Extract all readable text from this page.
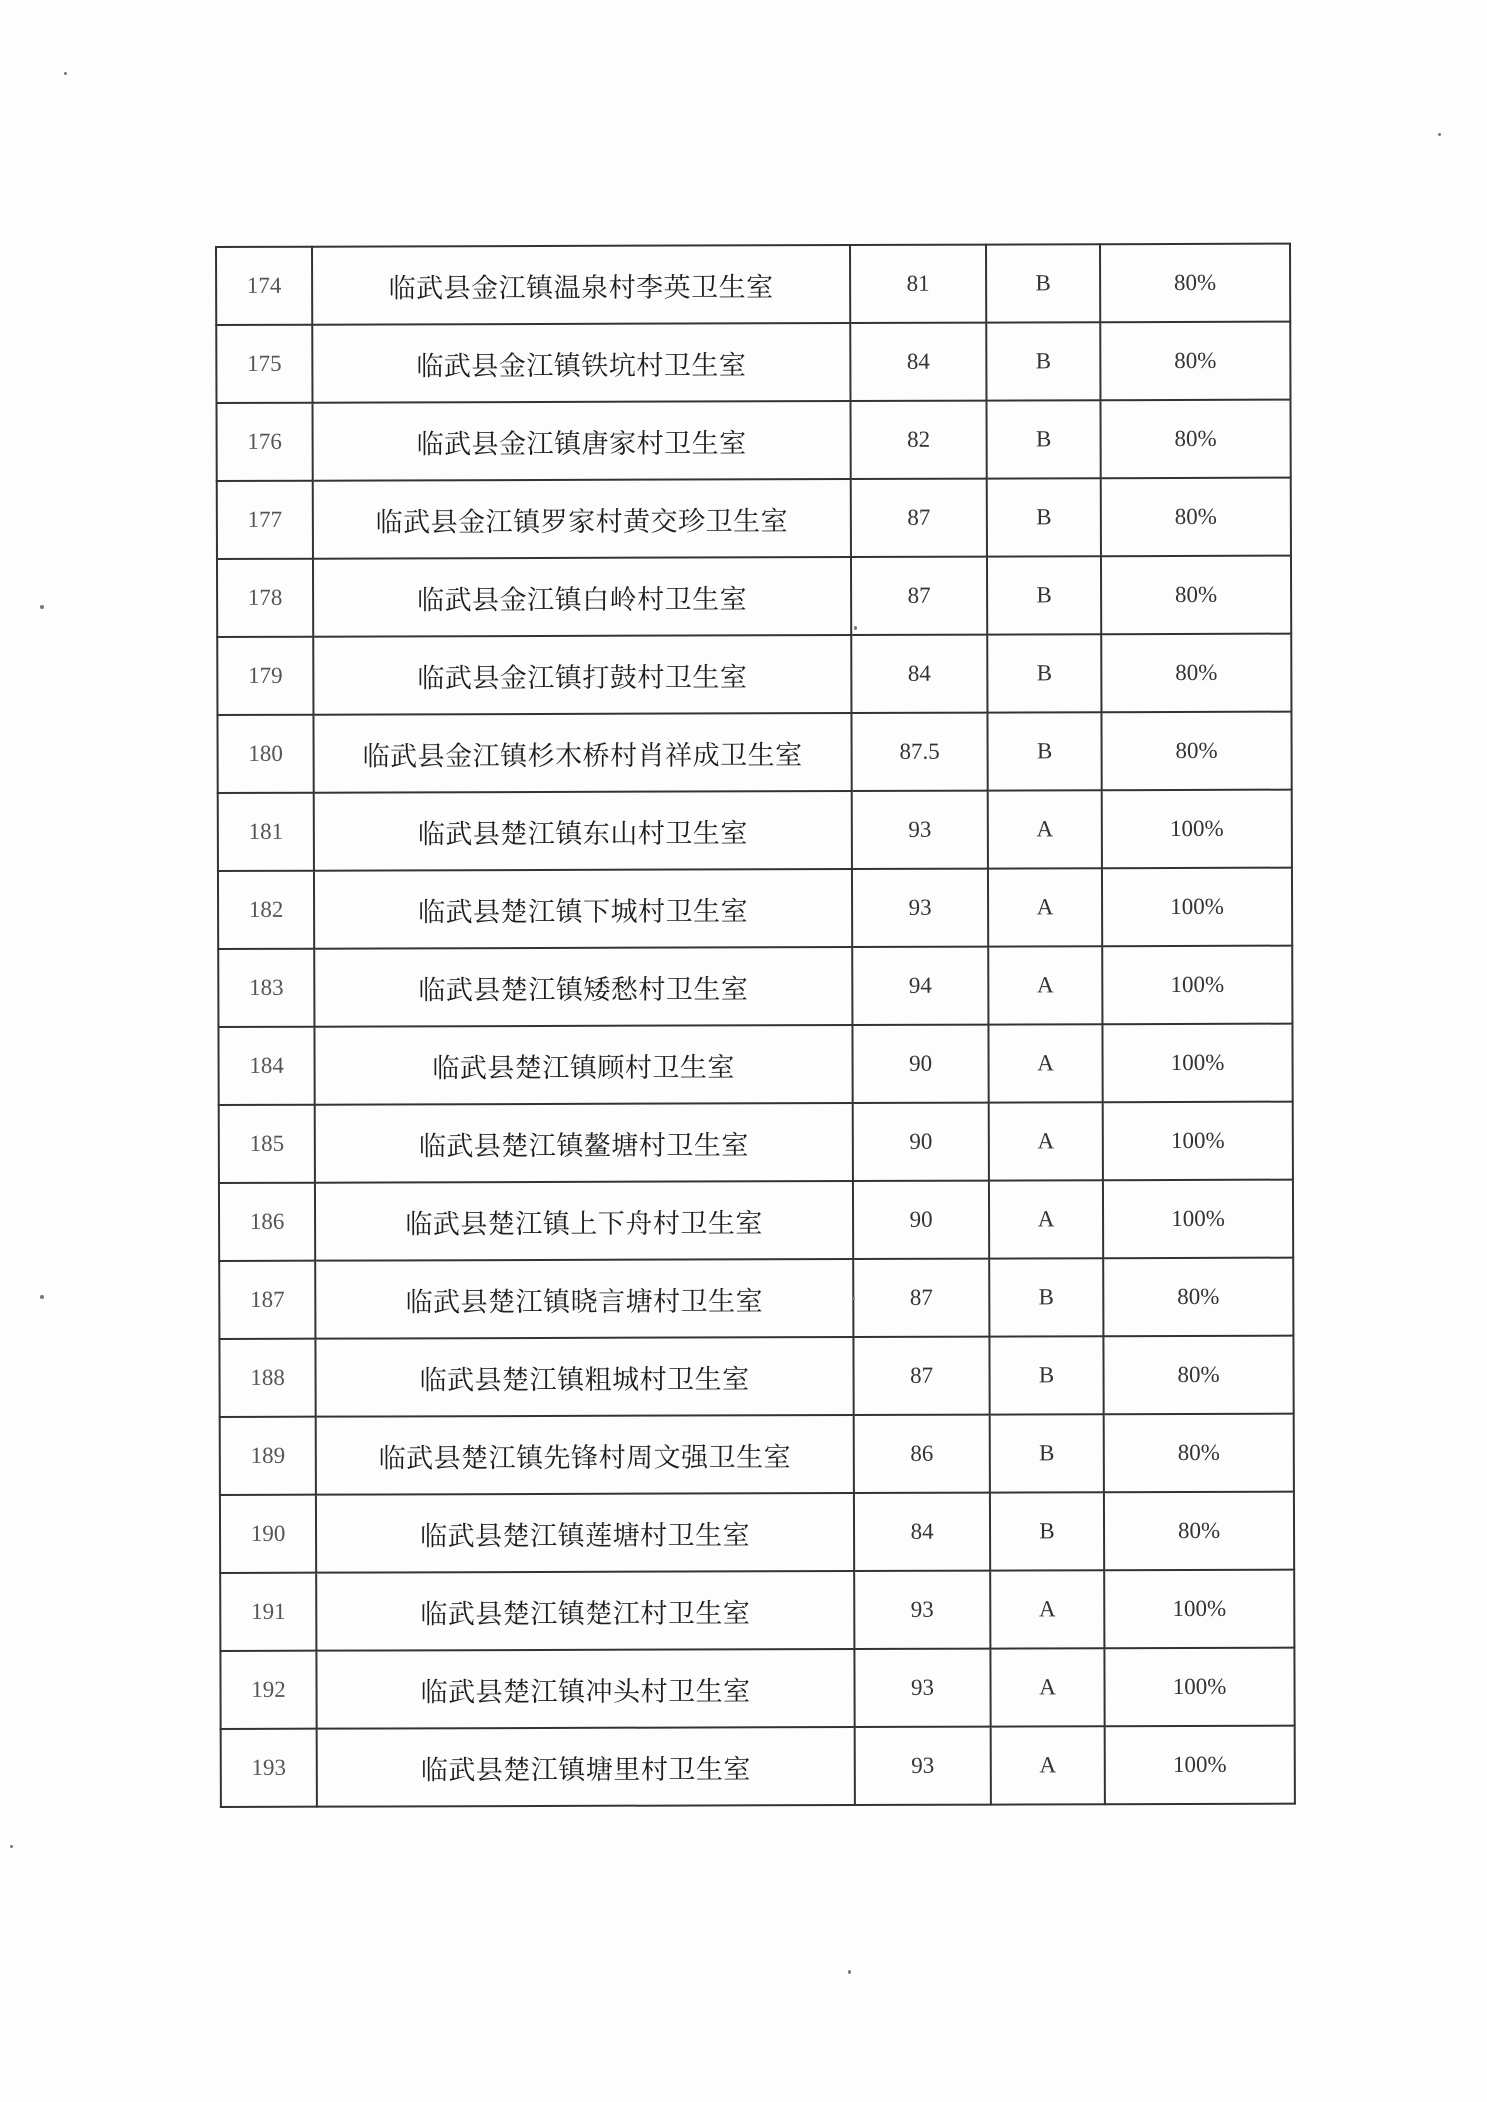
174	临武县金江镇温泉村李英卫生室	81	B	80%
175	临武县金江镇铁坑村卫生室	84	B	80%
176	临武县金江镇唐家村卫生室	82	B	80%
177	临武县金江镇罗家村黄交珍卫生室	87	B	80%
178	临武县金江镇白岭村卫生室	87	B	80%
179	临武县金江镇打鼓村卫生室	84	B	80%
180	临武县金江镇杉木桥村肖祥成卫生室	87.5	B	80%
181	临武县楚江镇东山村卫生室	93	A	100%
182	临武县楚江镇下城村卫生室	93	A	100%
183	临武县楚江镇矮愁村卫生室	94	A	100%
184	临武县楚江镇顾村卫生室	90	A	100%
185	临武县楚江镇鳌塘村卫生室	90	A	100%
186	临武县楚江镇上下舟村卫生室	90	A	100%
187	临武县楚江镇晓言塘村卫生室	87	B	80%
188	临武县楚江镇粗城村卫生室	87	B	80%
189	临武县楚江镇先锋村周文强卫生室	86	B	80%
190	临武县楚江镇莲塘村卫生室	84	B	80%
191	临武县楚江镇楚江村卫生室	93	A	100%
192	临武县楚江镇冲头村卫生室	93	A	100%
193	临武县楚江镇塘里村卫生室	93	A	100%
